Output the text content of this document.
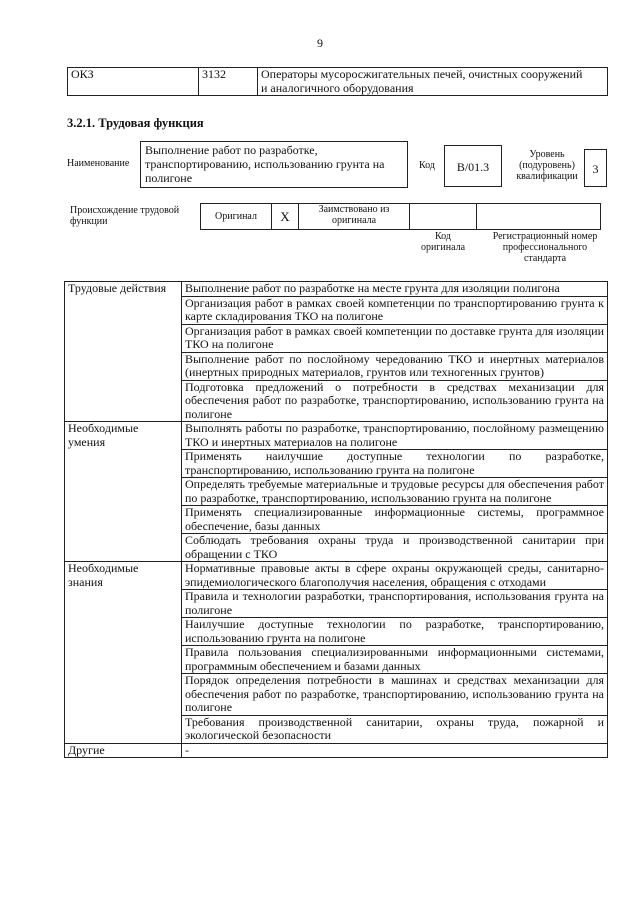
9
ОКЗ	3132	Операторы мусоросжигательных печей, очистных сооружений
и аналогичного оборудования
3.2.1. Трудовая функция
Наименование
Выполнение работ по разработке,
транспортированию, использованию грунта на
полигоне
Код	B/01.3
Уровень
(подуровень)
квалификации
3
Происхождение трудовой
функции	Оригинал	X	Заимствовано из
оригинала

Код
оригинала
Регистрационный номер
профессионального
стандарта
Трудовые действия	Выполнение работ по разработке на месте грунта для изоляции полигона
	Организация работ в рамках своей компетенции по транспортированию грунта к карте складирования ТКО на полигоне
	Организация работ в рамках своей компетенции по доставке грунта для изоляции ТКО на полигоне
	Выполнение работ по послойному чередованию ТКО и инертных материалов (инертных природных материалов, грунтов или техногенных грунтов)
	Подготовка предложений о потребности в средствах механизации для обеспечения работ по разработке, транспортированию, использованию грунта на полигоне

Необходимые
умения	Выполнять работы по разработке, транспортированию, послойному размещению ТКО и инертных материалов на полигоне
	Применять наилучшие доступные технологии по разработке, транспортированию, использованию грунта на полигоне
	Определять требуемые материальные и трудовые ресурсы для обеспечения работ по разработке, транспортированию, использованию грунта на полигоне
	Применять специализированные информационные системы, программное обеспечение, базы данных
	Соблюдать требования охраны труда и производственной санитарии при обращении с ТКО

Необходимые
знания	Нормативные правовые акты в сфере охраны окружающей среды, санитарно-эпидемиологического благополучия населения, обращения с отходами
	Правила и технологии разработки, транспортирования, использования грунта на полигоне
	Наилучшие доступные технологии по разработке, транспортированию, использованию грунта на полигоне
	Правила пользования специализированными информационными системами, программным обеспечением и базами данных
	Порядок определения потребности в машинах и средствах механизации для обеспечения работ по разработке, транспортированию, использованию грунта на полигоне
	Требования производственной санитарии, охраны труда, пожарной и экологической безопасности
Другие	-
